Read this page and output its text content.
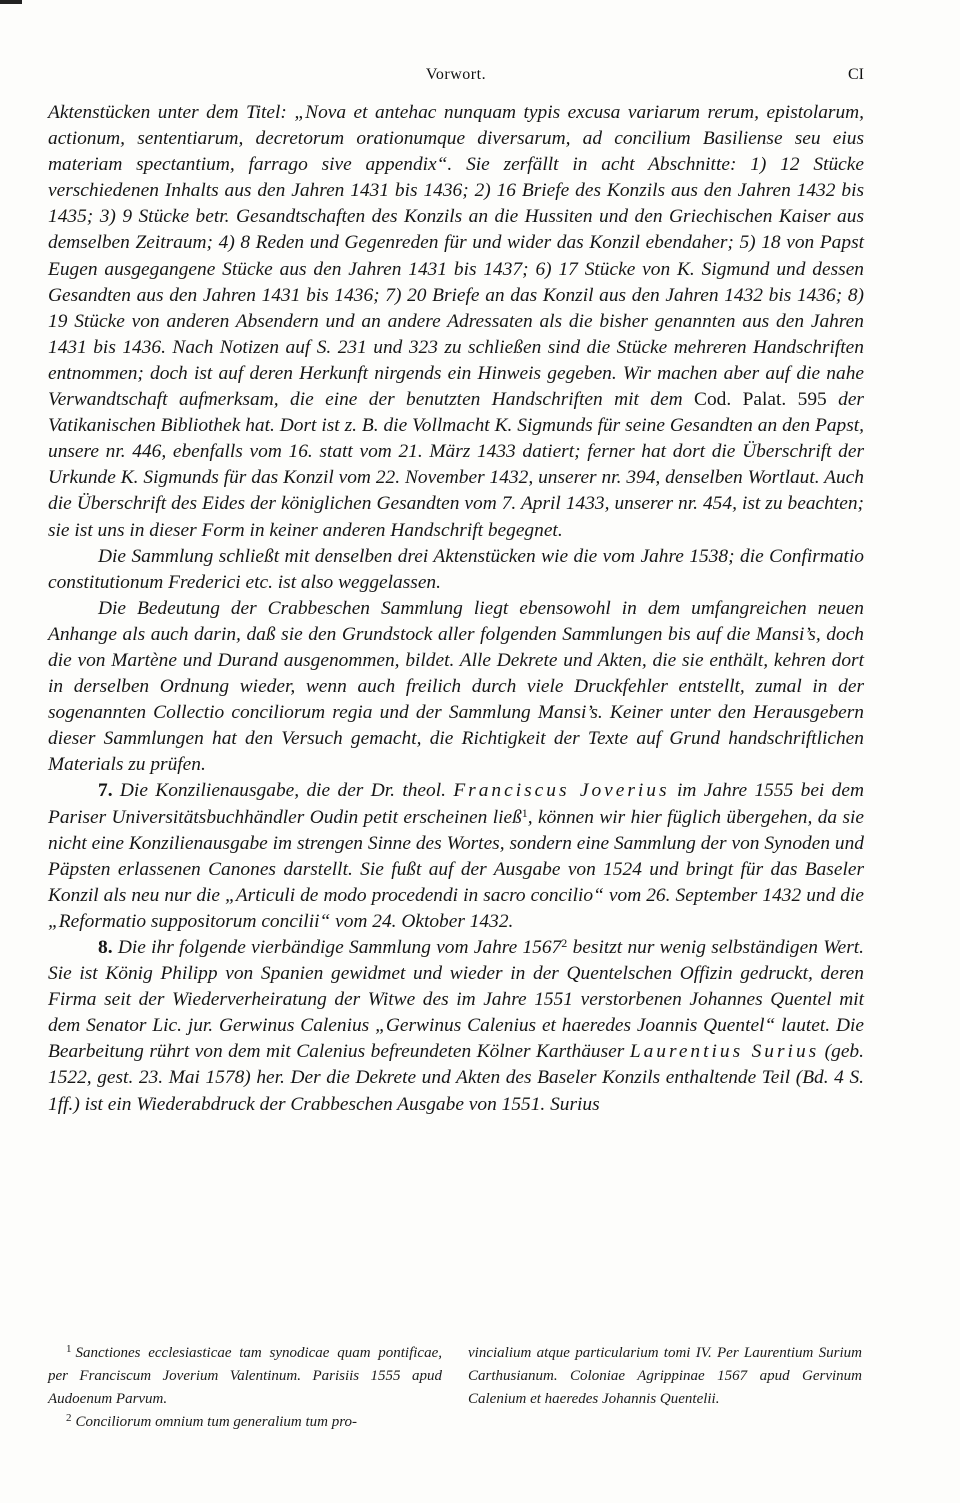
Vorwort.	CI

Aktenstücken unter dem Titel: „Nova et antehac nunquam typis excusa variarum rerum, epistolarum, actionum, sententiarum, decretorum orationumque diversarum, ad concilium Basiliense seu eius materiam spectantium, farrago sive appendix“. Sie zerfällt in acht Abschnitte: 1) 12 Stücke verschiedenen Inhalts aus den Jahren 1431 bis 1436; 2) 16 Briefe des Konzils aus den Jahren 1432 bis 1435; 3) 9 Stücke betr. Gesandtschaften des Konzils an die Hussiten und den Griechischen Kaiser aus demselben Zeitraum; 4) 8 Reden und Gegenreden für und wider das Konzil ebendaher; 5) 18 von Papst Eugen ausgegangene Stücke aus den Jahren 1431 bis 1437; 6) 17 Stücke von K. Sigmund und dessen Gesandten aus den Jahren 1431 bis 1436; 7) 20 Briefe an das Konzil aus den Jahren 1432 bis 1436; 8) 19 Stücke von anderen Absendern und an andere Adressaten als die bisher genannten aus den Jahren 1431 bis 1436. Nach Notizen auf S. 231 und 323 zu schließen sind die Stücke mehreren Handschriften entnommen; doch ist auf deren Herkunft nirgends ein Hinweis gegeben. Wir machen aber auf die nahe Verwandtschaft aufmerksam, die eine der benutzten Handschriften mit dem Cod. Palat. 595 der Vatikanischen Bibliothek hat. Dort ist z. B. die Vollmacht K. Sigmunds für seine Gesandten an den Papst, unsere nr. 446, ebenfalls vom 16. statt vom 21. März 1433 datiert; ferner hat dort die Überschrift der Urkunde K. Sigmunds für das Konzil vom 22. November 1432, unserer nr. 394, denselben Wortlaut. Auch die Überschrift des Eides der königlichen Gesandten vom 7. April 1433, unserer nr. 454, ist zu beachten; sie ist uns in dieser Form in keiner anderen Handschrift begegnet.

Die Sammlung schließt mit denselben drei Aktenstücken wie die vom Jahre 1538; die Confirmatio constitutionum Frederici etc. ist also weggelassen.

Die Bedeutung der Crabbeschen Sammlung liegt ebensowohl in dem umfangreichen neuen Anhange als auch darin, daß sie den Grundstock aller folgenden Sammlungen bis auf die Mansi’s, doch die von Martène und Durand ausgenommen, bildet. Alle Dekrete und Akten, die sie enthält, kehren dort in derselben Ordnung wieder, wenn auch freilich durch viele Druckfehler entstellt, zumal in der sogenannten Collectio conciliorum regia und der Sammlung Mansi’s. Keiner unter den Herausgebern dieser Sammlungen hat den Versuch gemacht, die Richtigkeit der Texte auf Grund handschriftlichen Materials zu prüfen.

7. Die Konzilienausgabe, die der Dr. theol. Franciscus Joverius im Jahre 1555 bei dem Pariser Universitätsbuchhändler Oudin petit erscheinen ließ$^1$, können wir hier füglich übergehen, da sie nicht eine Konzilienausgabe im strengen Sinne des Wortes, sondern eine Sammlung der von Synoden und Päpsten erlassenen Canones darstellt. Sie fußt auf der Ausgabe von 1524 und bringt für das Baseler Konzil als neu nur die „Articuli de modo procedendi in sacro concilio“ vom 26. September 1432 und die „Reformatio suppositorum concilii“ vom 24. Oktober 1432.

8. Die ihr folgende vierbändige Sammlung vom Jahre 1567$^2$ besitzt nur wenig selbständigen Wert. Sie ist König Philipp von Spanien gewidmet und wieder in der Quentelschen Offizin gedruckt, deren Firma seit der Wiederverheiratung der Witwe des im Jahre 1551 verstorbenen Johannes Quentel mit dem Senator Lic. jur. Gerwinus Calenius „Gerwinus Calenius et haeredes Joannis Quentel“ lautet. Die Bearbeitung rührt von dem mit Calenius befreundeten Kölner Karthäuser Laurentius Surius (geb. 1522, gest. 23. Mai 1578) her. Der die Dekrete und Akten des Baseler Konzils enthaltende Teil (Bd. 4 S. 1ff.) ist ein Wiederabdruck der Crabbeschen Ausgabe von 1551. Surius

$^1$ Sanctiones ecclesiasticae tam synodicae quam pontificae, per Franciscum Joverium Valentinum. Parisiis 1555 apud Audoenum Parvum.

$^2$ Conciliorum omnium tum generalium tum pro-

vincialium atque particularium tomi IV. Per Laurentium Surium Carthusianum. Coloniae Agrippinae 1567 apud Gervinum Calenium et haeredes Johannis Quentelii.
